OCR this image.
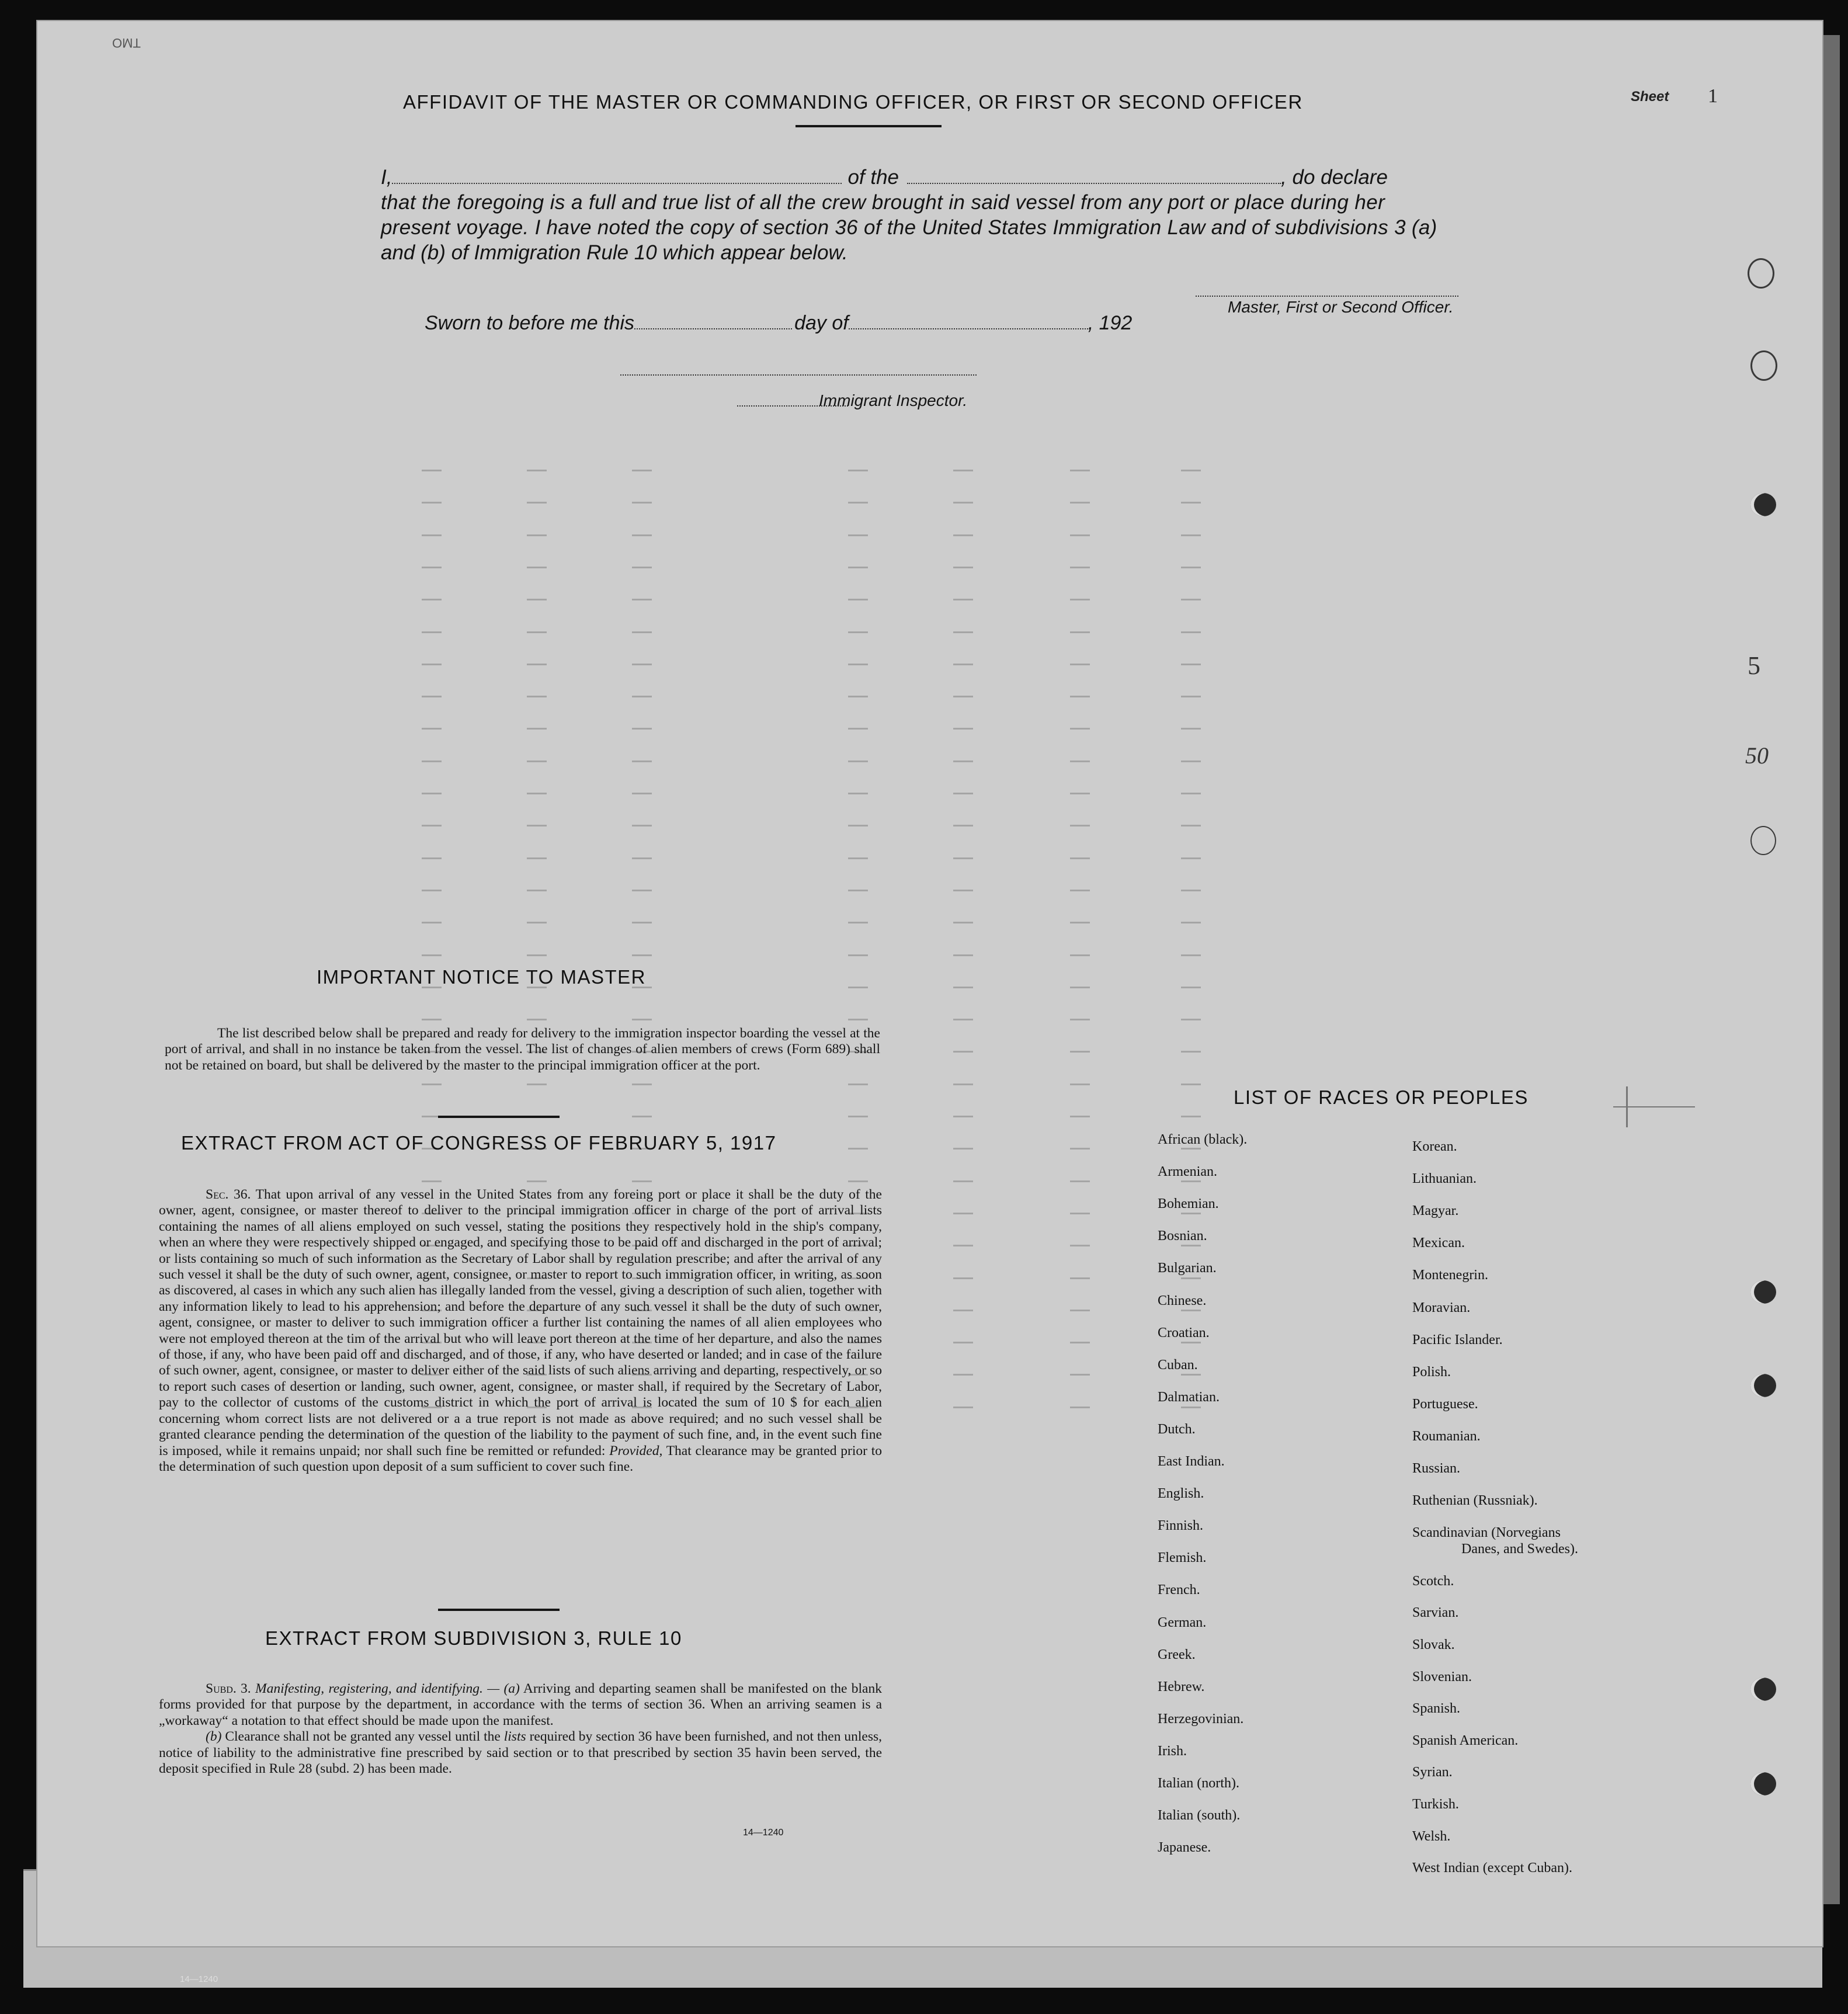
OMT
Sheet 1
AFFIDAVIT OF THE MASTER OR COMMANDING OFFICER, OR FIRST OR SECOND OFFICER
I,	of the	, do declare
that the foregoing is a full and true list of all the crew brought in said vessel from any port or place during her
present voyage. I have noted the copy of section 36 of the United States Immigration Law and of subdivisions 3 (a)
and (b) of Immigration Rule 10 which appear below.
Master, First or Second Officer.
Sworn to before me this	day of	, 192
Immigrant Inspector.
IMPORTANT NOTICE TO MASTER
The list described below shall be prepared and ready for delivery to the immigration inspector boarding the vessel at the port of arrival, and shall in no instance be taken from the vessel. The list of changes of alien members of crews (Form 689) shall not be retained on board, but shall be delivered by the master to the principal immigration officer at the port.
EXTRACT FROM ACT OF CONGRESS OF FEBRUARY 5, 1917

Sec. 36. That upon arrival of any vessel in the United States from any foreing port or place it shall be the duty of the owner, agent, consignee, or master thereof to deliver to the principal immigration officer in charge of the port of arrival lists containing the names of all aliens employed on such vessel, stating the positions they respectively hold in the ship's company, when an where they were respectively shipped or engaged, and specifying those to be paid off and discharged in the port of arrival; or lists containing so much of such information as the Secretary of Labor shall by regulation prescribe; and after the arrival of any such vessel it shall be the duty of such owner, agent, consignee, or master to report to such immigration officer, in writing, as soon as discovered, al cases in which any such alien has illegally landed from the vessel, giving a description of such alien, together with any information likely to lead to his apprehension; and before the departure of any such vessel it shall be the duty of such owner, agent, consignee, or master to deliver to such immigration officer a further list containing the names of all alien employees who were not employed thereon at the tim of the arrival but who will leave port thereon at the time of her departure, and also the names of those, if any, who have been paid off and discharged, and of those, if any, who have deserted or landed; and in case of the failure of such owner, agent, consignee, or master to deliver either of the said lists of such aliens arriving and departing, respectively, or so to report such cases of desertion or landing, such owner, agent, consignee, or master shall, if required by the Secretary of Labor, pay to the collector of customs of the customs district in which the port of arrival is located the sum of 10 $ for each alien concerning whom correct lists are not delivered or a a true report is not made as above required; and no such vessel shall be granted clearance pending the determination of the question of the liability to the payment of such fine, and, in the event such fine is imposed, while it remains unpaid; nor shall such fine be remitted or refunded: Provided, That clearance may be granted prior to the determination of such question upon deposit of a sum sufficient to cover such fine.

EXTRACT FROM SUBDIVISION 3, RULE 10

Subd. 3. Manifesting, registering, and identifying. — (a) Arriving and departing seamen shall be manifested on the blank forms provided for that purpose by the department, in accordance with the terms of section 36. When an arriving seamen is a „workaway“ a notation to that effect should be made upon the manifest.

(b) Clearance shall not be granted any vessel until the lists required by section 36 have been furnished, and not then unless, notice of liability to the administrative fine prescribed by said section or to that prescribed by section 35 havin been served, the deposit specified in Rule 28 (subd. 2) has been made.

14—1240
LIST OF RACES OR PEOPLES
African (black).
Armenian.
Bohemian.
Bosnian.
Bulgarian.
Chinese.
Croatian.
Cuban.
Dalmatian.
Dutch.
East Indian.
English.
Finnish.
Flemish.
French.
German.
Greek.
Hebrew.
Herzegovinian.
Irish.
Italian (north).
Italian (south).
Japanese.
Korean.
Lithuanian.
Magyar.
Mexican.
Montenegrin.
Moravian.
Pacific Islander.
Polish.
Portuguese.
Roumanian.
Russian.
Ruthenian (Russniak).
Scandinavian (Norvegians
Danes, and Swedes).
Scotch.
Sarvian.
Slovak.
Slovenian.
Spanish.
Spanish American.
Syrian.
Turkish.
Welsh.
West Indian (except Cuban).
5
50
14—1240
